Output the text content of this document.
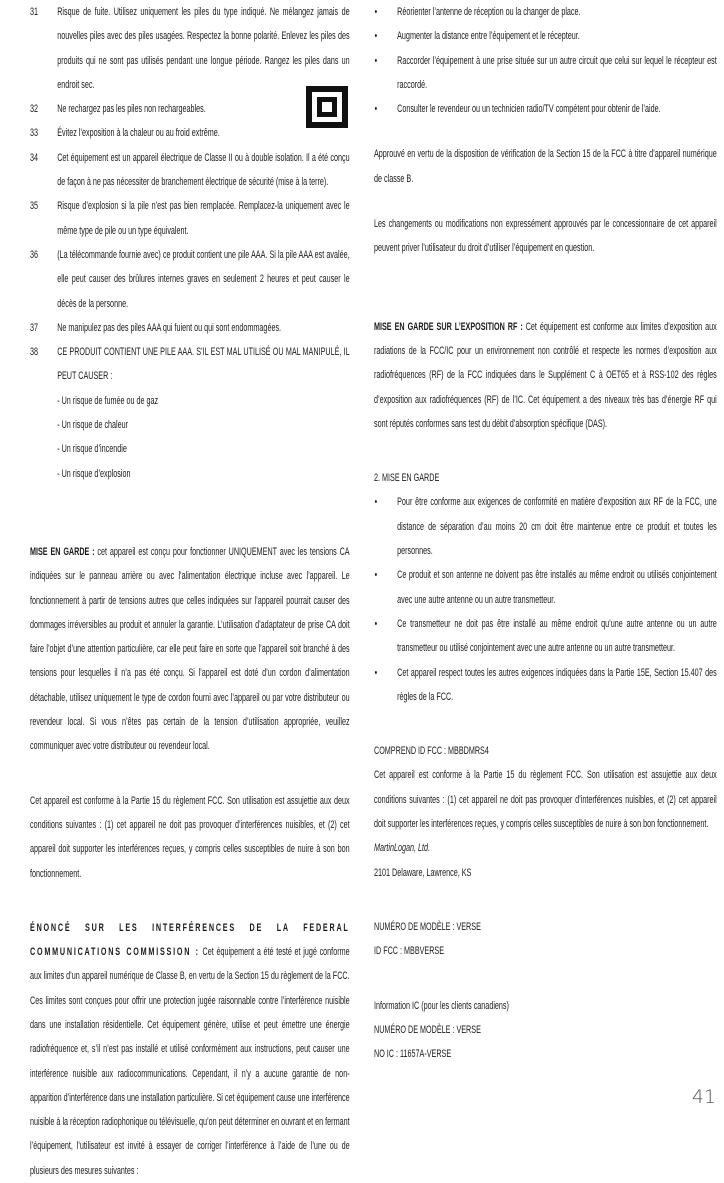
31 Risque de fuite. Utilisez uniquement les piles du type indiqué. Ne mélangez jamais de nouvelles piles avec des piles usagées. Respectez la bonne polarité. Enlevez les piles des produits qui ne sont pas utilisés pendant une longue période. Rangez les piles dans un endroit sec.
32 Ne rechargez pas les piles non rechargeables.
33 Évitez l’exposition à la chaleur ou au froid extrême.
34 Cet équipement est un appareil électrique de Classe II ou à double isolation. Il a été conçu de façon à ne pas nécessiter de branchement électrique de sécurité (mise à la terre).
35 Risque d’explosion si la pile n’est pas bien remplacée. Remplacez-la uniquement avec le même type de pile ou un type équivalent.
36 (La télécommande fournie avec) ce produit contient une pile AAA. Si la pile AAA est avalée, elle peut causer des brûlures internes graves en seulement 2 heures et peut causer le décès de la personne.
37 Ne manipulez pas des piles AAA qui fuient ou qui sont endommagées.
38 CE PRODUIT CONTIENT UNE PILE AAA. S’IL EST MAL UTILISÉ OU MAL MANIPULÉ, IL PEUT CAUSER :
- Un risque de fumée ou de gaz
- Un risque de chaleur
- Un risque d’incendie
- Un risque d’explosion

MISE EN GARDE : cet appareil est conçu pour fonctionner UNIQUEMENT avec les tensions CA indiquées sur le panneau arrière ou avec l’alimentation électrique incluse avec l’appareil. Le fonctionnement à partir de tensions autres que celles indiquées sur l’appareil pourrait causer des dommages irréversibles au produit et annuler la garantie. L’utilisation d’adaptateur de prise CA doit faire l’objet d’une attention particulière, car elle peut faire en sorte que l’appareil soit branché à des tensions pour lesquelles il n’a pas été conçu. Si l’appareil est doté d’un cordon d’alimentation détachable, utilisez uniquement le type de cordon fourni avec l’appareil ou par votre distributeur ou revendeur local. Si vous n’êtes pas certain de la tension d’utilisation appropriée, veuillez communiquer avec votre distributeur ou revendeur local.

Cet appareil est conforme à la Partie 15 du règlement FCC. Son utilisation est assujettie aux deux conditions suivantes : (1) cet appareil ne doit pas provoquer d’interférences nuisibles, et (2) cet appareil doit supporter les interférences reçues, y compris celles susceptibles de nuire à son bon fonctionnement.

ÉNONCÉ SUR LES INTERFÉRENCES DE LA FEDERAL COMMUNICATIONS COMMISSION : Cet équipement a été testé et jugé conforme aux limites d’un appareil numérique de Classe B, en vertu de la Section 15 du règlement de la FCC. Ces limites sont conçues pour offrir une protection jugée raisonnable contre l’interférence nuisible dans une installation résidentielle. Cet équipement génère, utilise et peut émettre une énergie radiofréquence et, s’il n’est pas installé et utilisé conformément aux instructions, peut causer une interférence nuisible aux radiocommunications. Cependant, il n’y a aucune garantie de non-apparition d’interférence dans une installation particulière. Si cet équipement cause une interférence nuisible à la réception radiophonique ou télévisuelle, qu’on peut déterminer en ouvrant et en fermant l’équipement, l’utilisateur est invité à essayer de corriger l’interférence à l’aide de l’une ou de plusieurs des mesures suivantes :

• Réorienter l’antenne de réception ou la changer de place.
• Augmenter la distance entre l’équipement et le récepteur.
• Raccorder l’équipement à une prise située sur un autre circuit que celui sur lequel le récepteur est raccordé.
• Consulter le revendeur ou un technicien radio/TV compétent pour obtenir de l’aide.

Approuvé en vertu de la disposition de vérification de la Section 15 de la FCC à titre d’appareil numérique de classe B.

Les changements ou modifications non expressément approuvés par le concessionnaire de cet appareil peuvent priver l’utilisateur du droit d’utiliser l’équipement en question.

MISE EN GARDE SUR L’EXPOSITION RF : Cet équipement est conforme aux limites d’exposition aux radiations de la FCC/IC pour un environnement non contrôlé et respecte les normes d’exposition aux radiofréquences (RF) de la FCC indiquées dans le Supplément C à OET65 et à RSS-102 des règles d’exposition aux radiofréquences (RF) de l’IC. Cet équipement a des niveaux très bas d’énergie RF qui sont réputés conformes sans test du débit d’absorption spécifique (DAS).

2. MISE EN GARDE
• Pour être conforme aux exigences de conformité en matière d’exposition aux RF de la FCC, une distance de séparation d’au moins 20 cm doit être maintenue entre ce produit et toutes les personnes.
• Ce produit et son antenne ne doivent pas être installés au même endroit ou utilisés conjointement avec une autre antenne ou un autre transmetteur.
• Ce transmetteur ne doit pas être installé au même endroit qu’une autre antenne ou un autre transmetteur ou utilisé conjointement avec une autre antenne ou un autre transmetteur.
• Cet appareil respect toutes les autres exigences indiquées dans la Partie 15E, Section 15.407 des règles de la FCC.
COMPREND ID FCC : MBBDMRS4
Cet appareil est conforme à la Partie 15 du règlement FCC. Son utilisation est assujettie aux deux conditions suivantes : (1) cet appareil ne doit pas provoquer d’interférences nuisibles, et (2) cet appareil doit supporter les interférences reçues, y compris celles susceptibles de nuire à son bon fonctionnement.
MartinLogan, Ltd.
2101 Delaware, Lawrence, KS
NUMÉRO DE MODÈLE : VERSE
ID FCC : MBBVERSE
Information IC (pour les clients canadiens)
NUMÉRO DE MODÈLE : VERSE
NO IC : 11657A-VERSE
41
